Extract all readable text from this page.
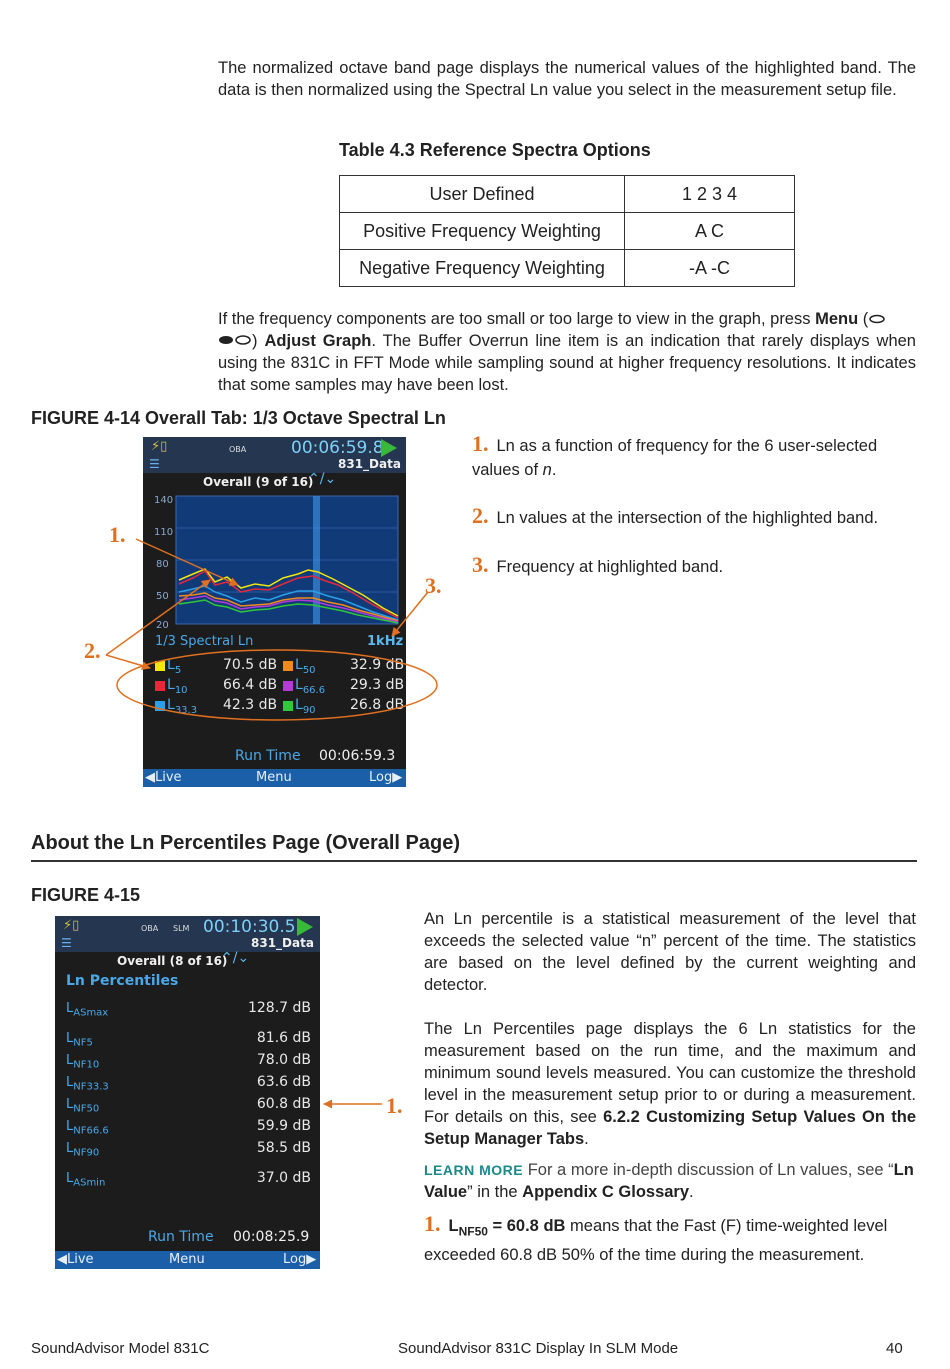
The normalized octave band page displays the numerical values of the highlighted band. The data is then normalized using the Spectral Ln value you select in the measurement setup file.
Table 4.3 Reference Spectra Options
User Defined	1 2 3 4
Positive Frequency Weighting	A C
Negative Frequency Weighting	-A -C
If the frequency components are too small or too large to view in the graph, press Menu (
) Adjust Graph. The Buffer Overrun line item is an indication that rarely displays when using the 831C in FFT Mode while sampling sound at higher frequency resolutions. It indicates that some samples may have been lost.
FIGURE 4-14 Overall Tab: 1/3 Octave Spectral Ln
⚡▯	OBA	00:06:59.8
☰	831_Data
Overall (9 of 16)
⌃/⌄
140
110
80
50
20
1/3 Spectral Ln	1kHz
$L_5$	70.5 dB $L_{50}$ 32.9 dB
$L_{10}$	66.4 dB $L_{66.6}$ 29.3 dB
$L_{33.3}$ 42.3 dB $L_{90}$ 26.8 dB
Run Time 00:06:59.3
◀Live	Menu	Log▶
1.
2.
3.
1. Ln as a function of frequency for the 6 user-selected values of n.
2. Ln values at the intersection of the highlighted band.
3. Frequency at highlighted band.
About the Ln Percentiles Page (Overall Page)
FIGURE 4-15
⚡▯	OBA SLM 00:10:30.5
☰	831_Data
Overall (8 of 16)
⌃/⌄
Ln Percentiles
$L_{ASmax}$	128.7 dB
$L_{NF5}$	81.6 dB
$L_{NF10}$	78.0 dB
$L_{NF33.3}$	63.6 dB
$L_{NF50}$	60.8 dB
$L_{NF66.6}$	59.9 dB
$L_{NF90}$	58.5 dB
$L_{ASmin}$	37.0 dB
Run Time 00:08:25.9
◀Live	Menu	Log▶
1.
An Ln percentile is a statistical measurement of the level that exceeds the selected value “n” percent of the time. The statistics are based on the level defined by the current weighting and detector.
The Ln Percentiles page displays the 6 Ln statistics for the measurement based on the run time, and the maximum and minimum sound levels measured. You can customize the threshold level in the measurement setup prior to or during a measurement. For details on this, see 6.2.2 Customizing Setup Values On the Setup Manager Tabs.
LEARN MORE For a more in-depth discussion of Ln values, see “Ln Value” in the Appendix C Glossary.
1. $L_{NF50} = 60.8$ dB means that the Fast (F) time-weighted level exceeded 60.8 dB 50% of the time during the measurement.
SoundAdvisor Model 831C	SoundAdvisor 831C Display In SLM Mode	40
